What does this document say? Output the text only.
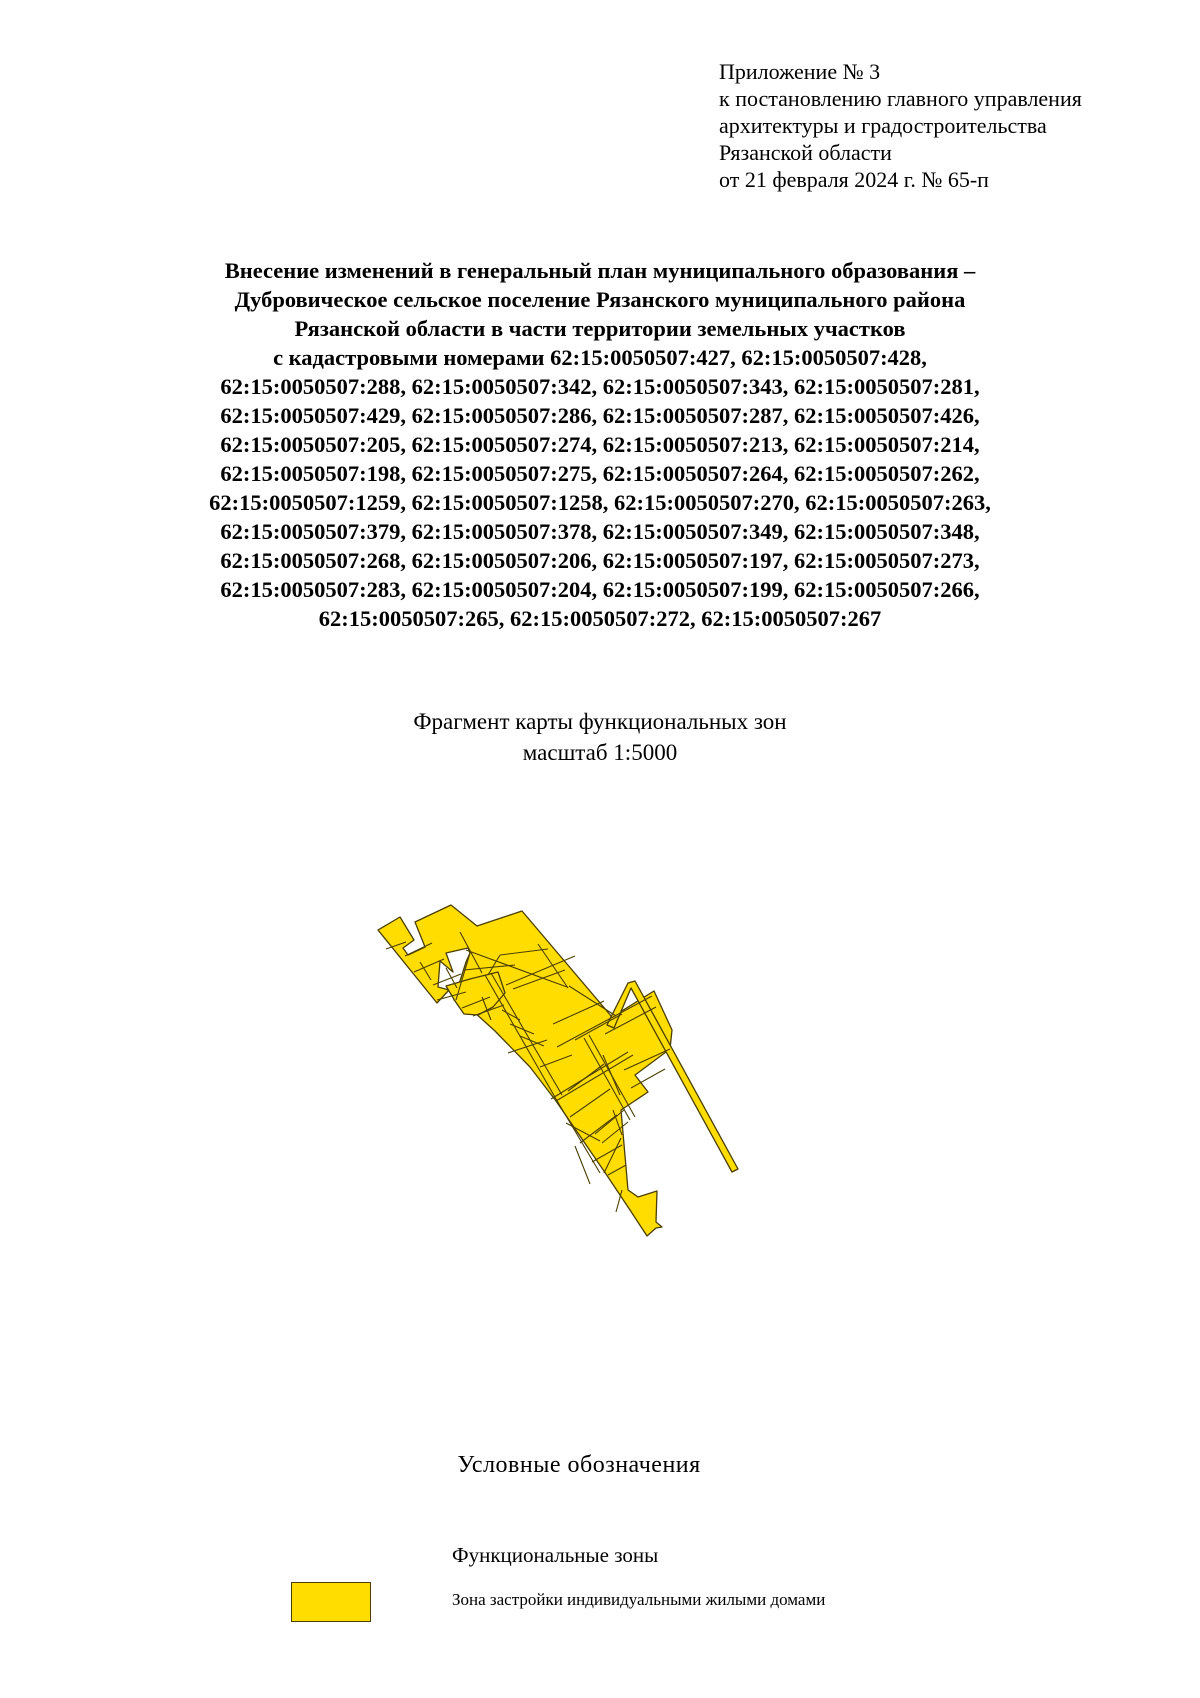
Приложение № 3
к постановлению главного управления
архитектуры и градостроительства
Рязанской области
от 21 февраля 2024 г. № 65-п
Внесение изменений в генеральный план муниципального образования –
Дубровическое сельское поселение Рязанского муниципального района
Рязанской области в части территории земельных участков
с кадастровыми номерами 62:15:0050507:427, 62:15:0050507:428,
62:15:0050507:288, 62:15:0050507:342, 62:15:0050507:343, 62:15:0050507:281,
62:15:0050507:429, 62:15:0050507:286, 62:15:0050507:287, 62:15:0050507:426,
62:15:0050507:205, 62:15:0050507:274, 62:15:0050507:213, 62:15:0050507:214,
62:15:0050507:198, 62:15:0050507:275, 62:15:0050507:264, 62:15:0050507:262,
62:15:0050507:1259, 62:15:0050507:1258, 62:15:0050507:270, 62:15:0050507:263,
62:15:0050507:379, 62:15:0050507:378, 62:15:0050507:349, 62:15:0050507:348,
62:15:0050507:268, 62:15:0050507:206, 62:15:0050507:197, 62:15:0050507:273,
62:15:0050507:283, 62:15:0050507:204, 62:15:0050507:199, 62:15:0050507:266,
62:15:0050507:265, 62:15:0050507:272, 62:15:0050507:267
Фрагмент карты функциональных зон
масштаб 1:5000
Условные обозначения
Функциональные зоны
Зона застройки индивидуальными жилыми домами
